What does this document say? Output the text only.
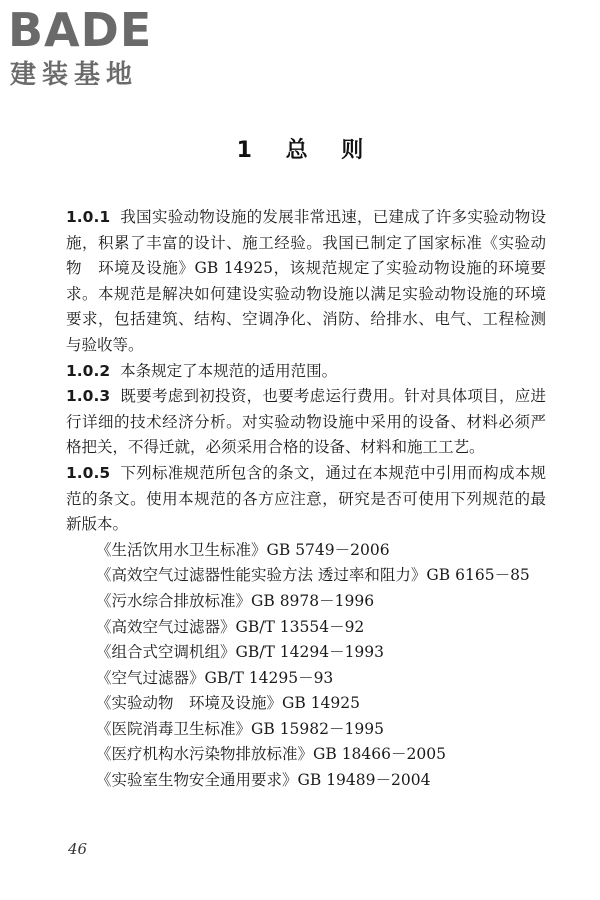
BADE
建装基地
1 总 则

1.0.1 我国实验动物设施的发展非常迅速，已建成了许多实验动物设施，积累了丰富的设计、施工经验。我国已制定了国家标准《实验动物　环境及设施》GB 14925，该规范规定了实验动物设施的环境要求。本规范是解决如何建设实验动物设施以满足实验动物设施的环境要求，包括建筑、结构、空调净化、消防、给排水、电气、工程检测与验收等。

1.0.2 本条规定了本规范的适用范围。

1.0.3 既要考虑到初投资，也要考虑运行费用。针对具体项目，应进行详细的技术经济分析。对实验动物设施中采用的设备、材料必须严格把关，不得迁就，必须采用合格的设备、材料和施工工艺。

1.0.5 下列标准规范所包含的条文，通过在本规范中引用而构成本规范的条文。使用本规范的各方应注意，研究是否可使用下列规范的最新版本。

《生活饮用水卫生标准》GB 5749－2006
《高效空气过滤器性能实验方法 透过率和阻力》GB 6165－85
《污水综合排放标准》GB 8978－1996
《高效空气过滤器》GB/T 13554－92
《组合式空调机组》GB/T 14294－1993
《空气过滤器》GB/T 14295－93
《实验动物　环境及设施》GB 14925
《医院消毒卫生标准》GB 15982－1995
《医疗机构水污染物排放标准》GB 18466－2005
《实验室生物安全通用要求》GB 19489－2004
46
